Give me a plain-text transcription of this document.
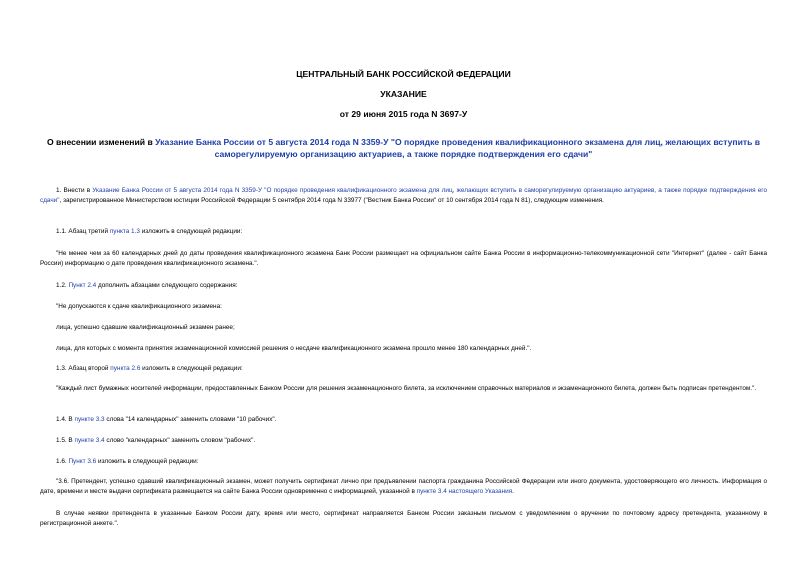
ЦЕНТРАЛЬНЫЙ БАНК РОССИЙСКОЙ ФЕДЕРАЦИИ
УКАЗАНИЕ
от 29 июня 2015 года N 3697-У
О внесении изменений в Указание Банка России от 5 августа 2014 года N 3359-У "О порядке проведения квалификационного экзамена для лиц, желающих вступить в саморегулируемую организацию актуариев, а также порядке подтверждения его сдачи"
1. Внести в Указание Банка России от 5 августа 2014 года N 3359-У "О порядке проведения квалификационного экзамена для лиц, желающих вступить в саморегулируемую организацию актуариев, а также порядке подтверждения его сдачи", зарегистрированное Министерством юстиции Российской Федерации 5 сентября 2014 года N 33977 ("Вестник Банка России" от 10 сентября 2014 года N 81), следующие изменения.
1.1. Абзац третий пункта 1.3 изложить в следующей редакции:
"Не менее чем за 60 календарных дней до даты проведения квалификационного экзамена Банк России размещает на официальном сайте Банка России в информационно-телекоммуникационной сети "Интернет" (далее - сайт Банка России) информацию о дате проведения квалификационного экзамена.".
1.2. Пункт 2.4 дополнить абзацами следующего содержания:
"Не допускаются к сдаче квалификационного экзамена:
лица, успешно сдавшие квалификационный экзамен ранее;
лица, для которых с момента принятия экзаменационной комиссией решения о несдаче квалификационного экзамена прошло менее 180 календарных дней.".
1.3. Абзац второй пункта 2.6 изложить в следующей редакции:
"Каждый лист бумажных носителей информации, предоставленных Банком России для решения экзаменационного билета, за исключением справочных материалов и экзаменационного билета, должен быть подписан претендентом.".
1.4. В пункте 3.3 слова "14 календарных" заменить словами "10 рабочих".
1.5. В пункте 3.4 слово "календарных" заменить словом "рабочих".
1.6. Пункт 3.6 изложить в следующей редакции:
"3.6. Претендент, успешно сдавший квалификационный экзамен, может получить сертификат лично при предъявлении паспорта гражданина Российской Федерации или иного документа, удостоверяющего его личность. Информация о дате, времени и месте выдачи сертификата размещается на сайте Банка России одновременно с информацией, указанной в пункте 3.4 настоящего Указания.
В случае неявки претендента в указанные Банком России дату, время или место, сертификат направляется Банком России заказным письмом с уведомлением о вручении по почтовому адресу претендента, указанному в регистрационной анкете.".
